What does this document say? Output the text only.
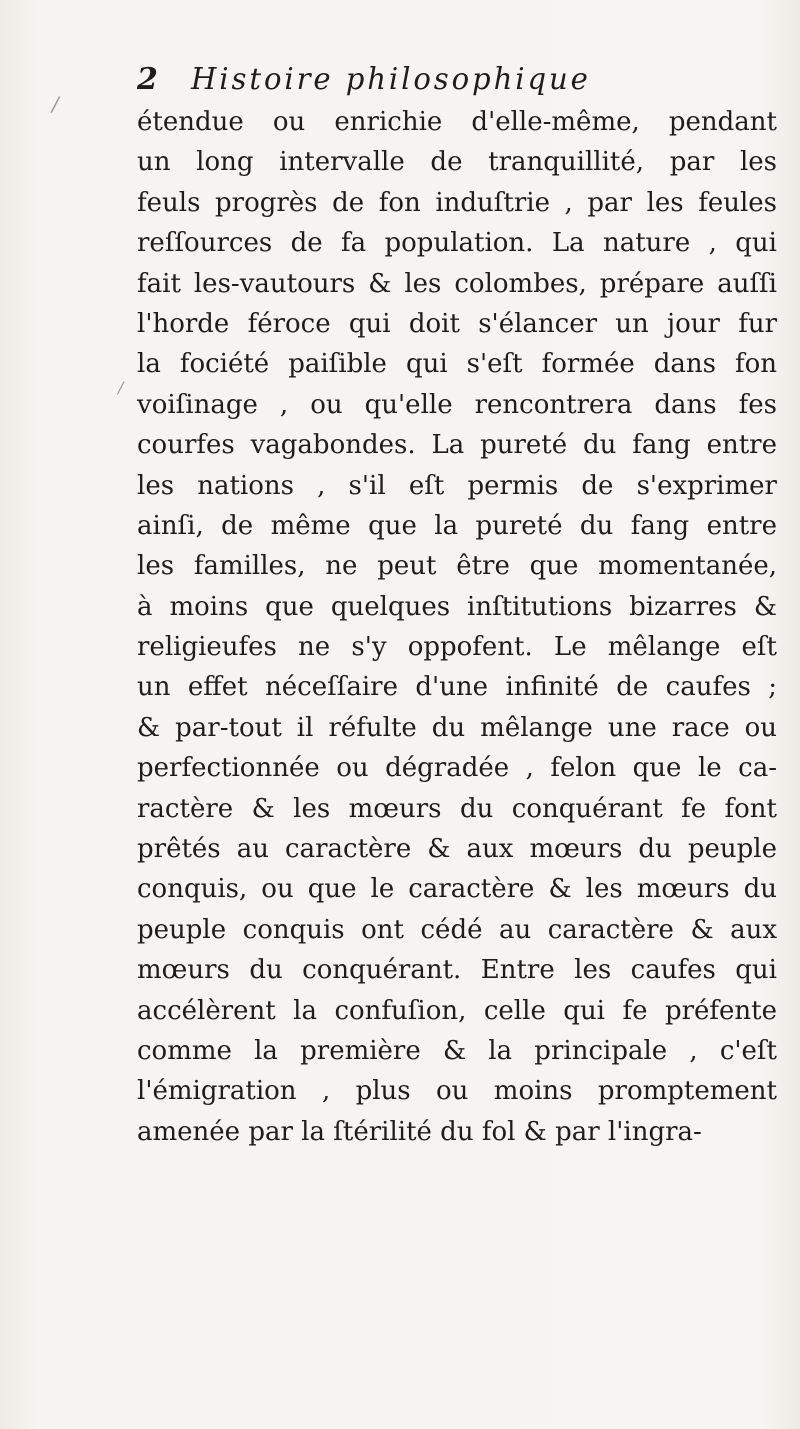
2 Histoire philosophique
étendue ou enrichie d'elle-même, pendant
un long intervalle de tranquillité, par les
feuls progrès de fon induſtrie , par les feules
reſſources de fa population. La nature , qui
fait les-vautours & les colombes, prépare auſſi
l'horde féroce qui doit s'élancer un jour fur
la fociété paiſible qui s'eſt formée dans fon
voiſinage , ou qu'elle rencontrera dans fes
courfes vagabondes. La pureté du fang entre
les nations , s'il eſt permis de s'exprimer
ainſi, de même que la pureté du fang entre
les familles, ne peut être que momentanée,
à moins que quelques inſtitutions bizarres &
religieufes ne s'y oppofent. Le mêlange eſt
un effet néceſſaire d'une infinité de caufes ;
& par-tout il réfulte du mêlange une race ou
perfectionnée ou dégradée , felon que le ca-
ractère & les mœurs du conquérant fe font
prêtés au caractère & aux mœurs du peuple
conquis, ou que le caractère & les mœurs du
peuple conquis ont cédé au caractère & aux
mœurs du conquérant. Entre les caufes qui
accélèrent la confuſion, celle qui fe préfente
comme la première & la principale , c'eſt
l'émigration , plus ou moins promptement
amenée par la ſtérilité du fol & par l'ingra-
/
/
